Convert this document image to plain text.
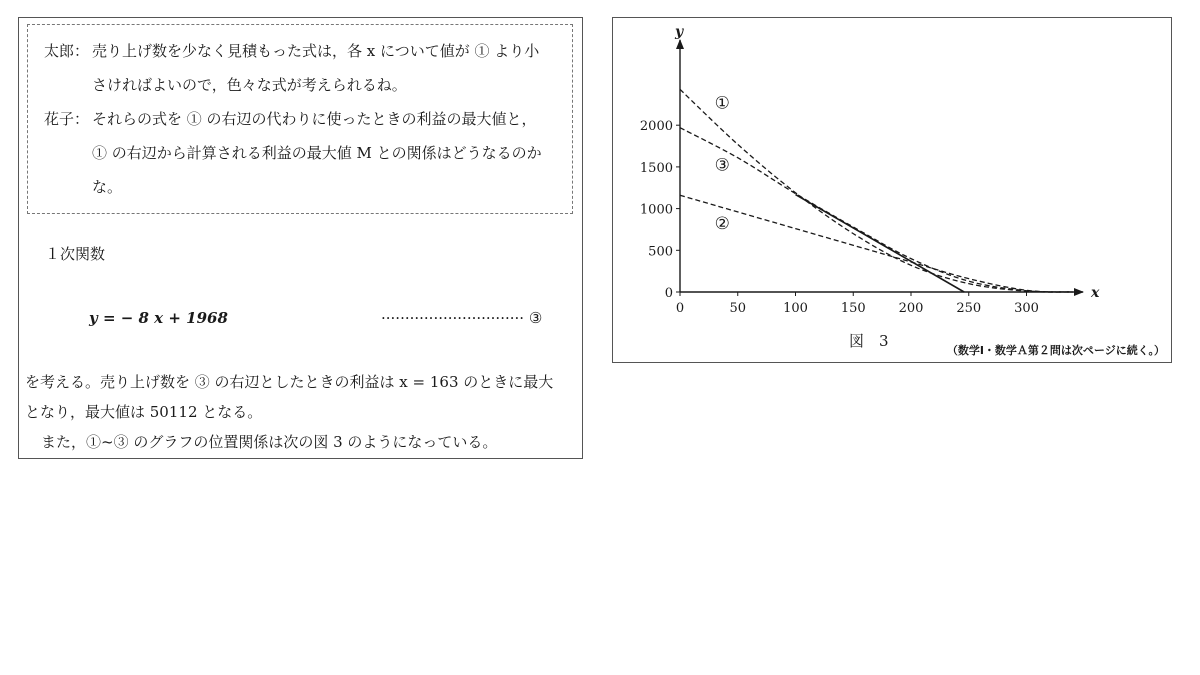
太郎： 売り上げ数を少なく見積もった式は，各 x について値が ① より小
さければよいので，色々な式が考えられるね。
花子： それらの式を ① の右辺の代わりに使ったときの利益の最大値と，
① の右辺から計算される利益の最大値 M との関係はどうなるのか
な。
１次関数
y = − 8 x + 1968	······························ ③
を考える。売り上げ数を ③ の右辺としたときの利益は x = 163 のときに最大
となり，最大値は 50112 となる。
また，①~③ のグラフの位置関係は次の図 3 のようになっている。
x
y
0	50	100	150	200	250	300
0
500
1000
1500
2000
①
③
②
図　3
（数学Ⅰ・数学Ａ第２問は次ページに続く。）
